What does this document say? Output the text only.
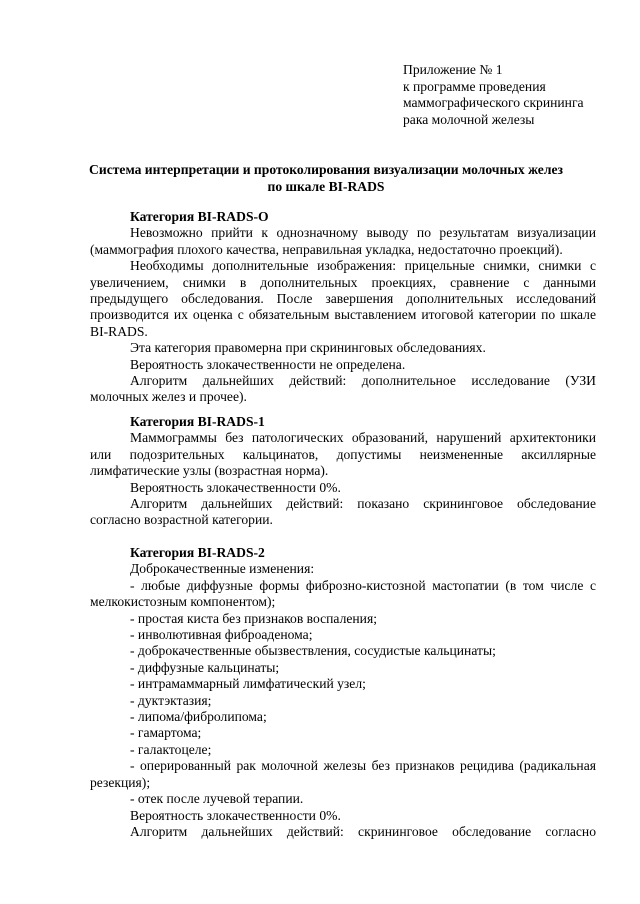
Приложение № 1
к программе проведения
маммографического скрининга
рака молочной железы
Система интерпретации и протоколирования визуализации молочных желез
по шкале BI-RADS
Категория BI-RADS-O

Невозможно прийти к однозначному выводу по результатам визуализации (маммография плохого качества, неправильная укладка, недостаточно проекций).

Необходимы дополнительные изображения: прицельные снимки, снимки с увеличением, снимки в дополнительных проекциях, сравнение с данными предыдущего обследования. После завершения дополнительных исследований производится их оценка с обязательным выставлением итоговой категории по шкале BI-RADS.

Эта категория правомерна при скрининговых обследованиях.

Вероятность злокачественности не определена.

Алгоритм дальнейших действий: дополнительное исследование (УЗИ молочных желез и прочее).

Категория BI-RADS-1

Маммограммы без патологических образований, нарушений архитектоники или подозрительных кальцинатов, допустимы неизмененные аксиллярные лимфатические узлы (возрастная норма).

Вероятность злокачественности 0%.

Алгоритм дальнейших действий: показано скрининговое обследование согласно возрастной категории.

Категория BI-RADS-2

Доброкачественные изменения:

- любые диффузные формы фиброзно-кистозной мастопатии (в том числе с мелкокистозным компонентом);

- простая киста без признаков воспаления;

- инволютивная фиброаденома;

- доброкачественные обызвествления, сосудистые кальцинаты;

- диффузные кальцинаты;

- интрамаммарный лимфатический узел;

- дуктэктазия;

- липома/фибролипома;

- гамартома;

- галактоцеле;

- оперированный рак молочной железы без признаков рецидива (радикальная резекция);

- отек после лучевой терапии.

Вероятность злокачественности 0%.

Алгоритм дальнейших действий: скрининговое обследование согласно
